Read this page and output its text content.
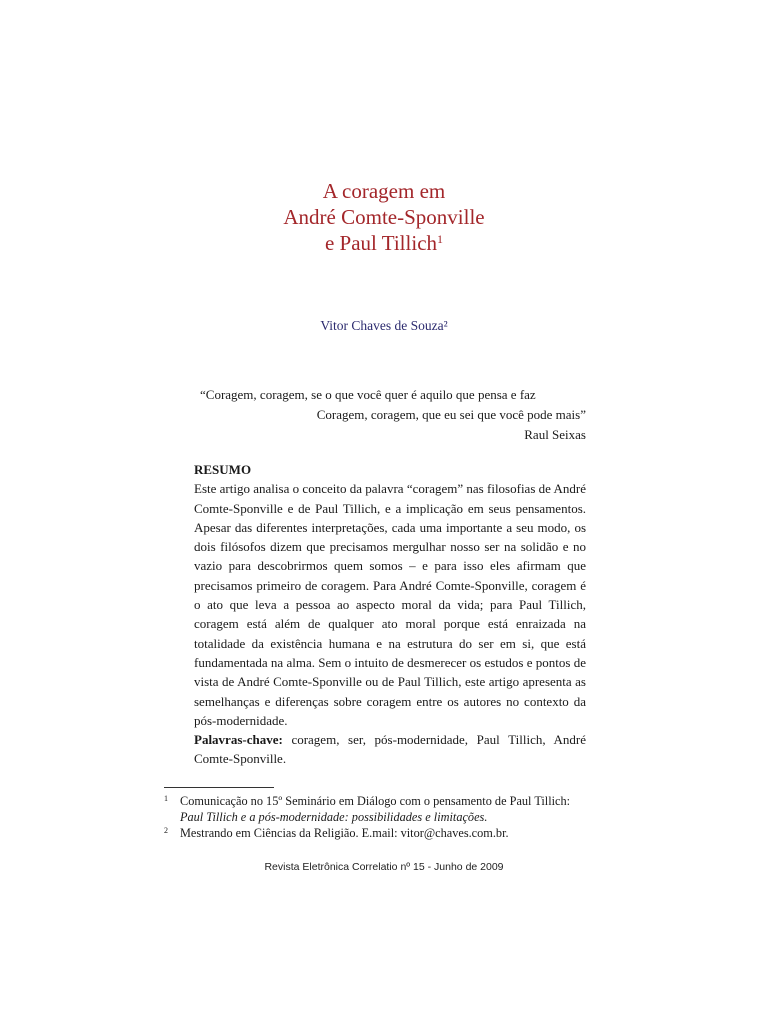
A coragem em
André Comte-Sponville
e Paul Tillich$^1$
Vitor Chaves de Souza²
“Coragem, coragem, se o que você quer é aquilo que pensa e faz
Coragem, coragem, que eu sei que você pode mais”
Raul Seixas
RESUMO
Este artigo analisa o conceito da palavra “coragem” nas filosofias de André Comte-Sponville e de Paul Tillich, e a implicação em seus pensamentos. Apesar das diferentes interpretações, cada uma importante a seu modo, os dois filósofos dizem que precisamos mergulhar nosso ser na solidão e no vazio para descobrirmos quem somos – e para isso eles afirmam que precisamos primeiro de coragem. Para André Comte-Sponville, coragem é o ato que leva a pessoa ao aspecto moral da vida; para Paul Tillich, coragem está além de qualquer ato moral porque está enraizada na totalidade da existência humana e na estrutura do ser em si, que está fundamentada na alma. Sem o intuito de desmerecer os estudos e pontos de vista de André Comte-Sponville ou de Paul Tillich, este artigo apresenta as semelhanças e diferenças sobre coragem entre os autores no contexto da pós-modernidade.
Palavras-chave: coragem, ser, pós-modernidade, Paul Tillich, André Comte-Sponville.
1 Comunicação no 15º Seminário em Diálogo com o pensamento de Paul Tillich:
Paul Tillich e a pós-modernidade: possibilidades e limitações.
2 Mestrando em Ciências da Religião. E.mail: vitor@chaves.com.br.
Revista Eletrônica Correlatio nº 15 - Junho de 2009
